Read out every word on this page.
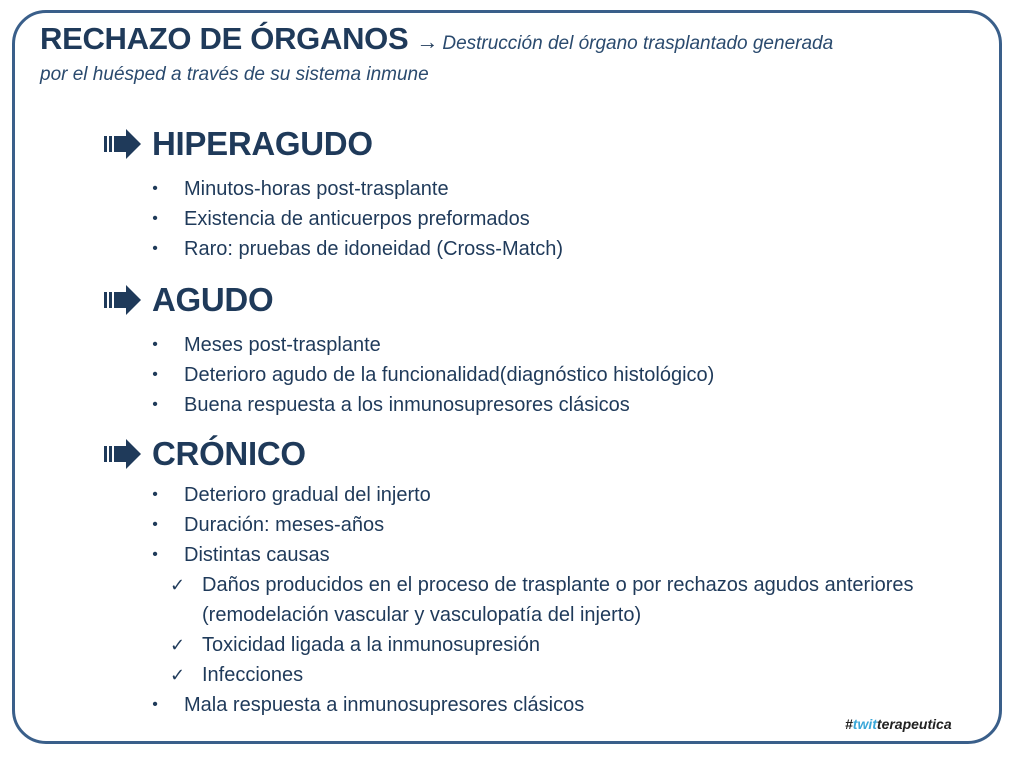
RECHAZO DE ÓRGANOS → Destrucción del órgano trasplantado generada
por el huésped a través de su sistema inmune
HIPERAGUDO
• Minutos-horas post-trasplante
• Existencia de anticuerpos preformados
• Raro: pruebas de idoneidad (Cross-Match)
AGUDO
• Meses post-trasplante
• Deterioro agudo de la funcionalidad(diagnóstico histológico)
• Buena respuesta a los inmunosupresores clásicos
CRÓNICO
• Deterioro gradual del injerto
• Duración: meses-años
• Distintas causas
✓ Daños producidos en el proceso de trasplante o por rechazos agudos anteriores (remodelación vascular y vasculopatía del injerto)
✓ Toxicidad ligada a la inmunosupresión
✓ Infecciones
• Mala respuesta a inmunosupresores clásicos
#twitterapeutica
